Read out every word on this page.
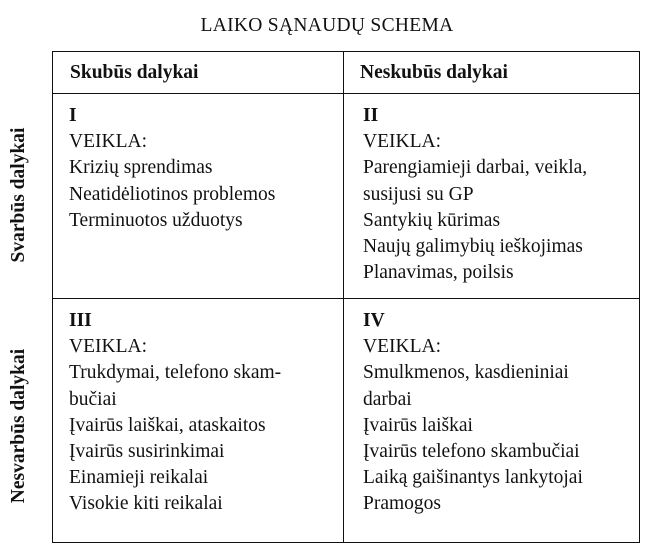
LAIKO SĄNAUDŲ SCHEMA
Svarbūs dalykai
Nesvarbūs dalykai
Skubūs dalykai	Neskubūs dalykai
I
VEIKLA:
Krizių sprendimas
Neatidėliotinos problemos
Terminuotos užduotys
II
VEIKLA:
Parengiamieji darbai, veikla,
susijusi su GP
Santykių kūrimas
Naujų galimybių ieškojimas
Planavimas, poilsis
III
VEIKLA:
Trukdymai, telefono skam-
bučiai
Įvairūs laiškai, ataskaitos
Įvairūs susirinkimai
Einamieji reikalai
Visokie kiti reikalai
IV
VEIKLA:
Smulkmenos, kasdieniniai
darbai
Įvairūs laiškai
Įvairūs telefono skambučiai
Laiką gaišinantys lankytojai
Pramogos
